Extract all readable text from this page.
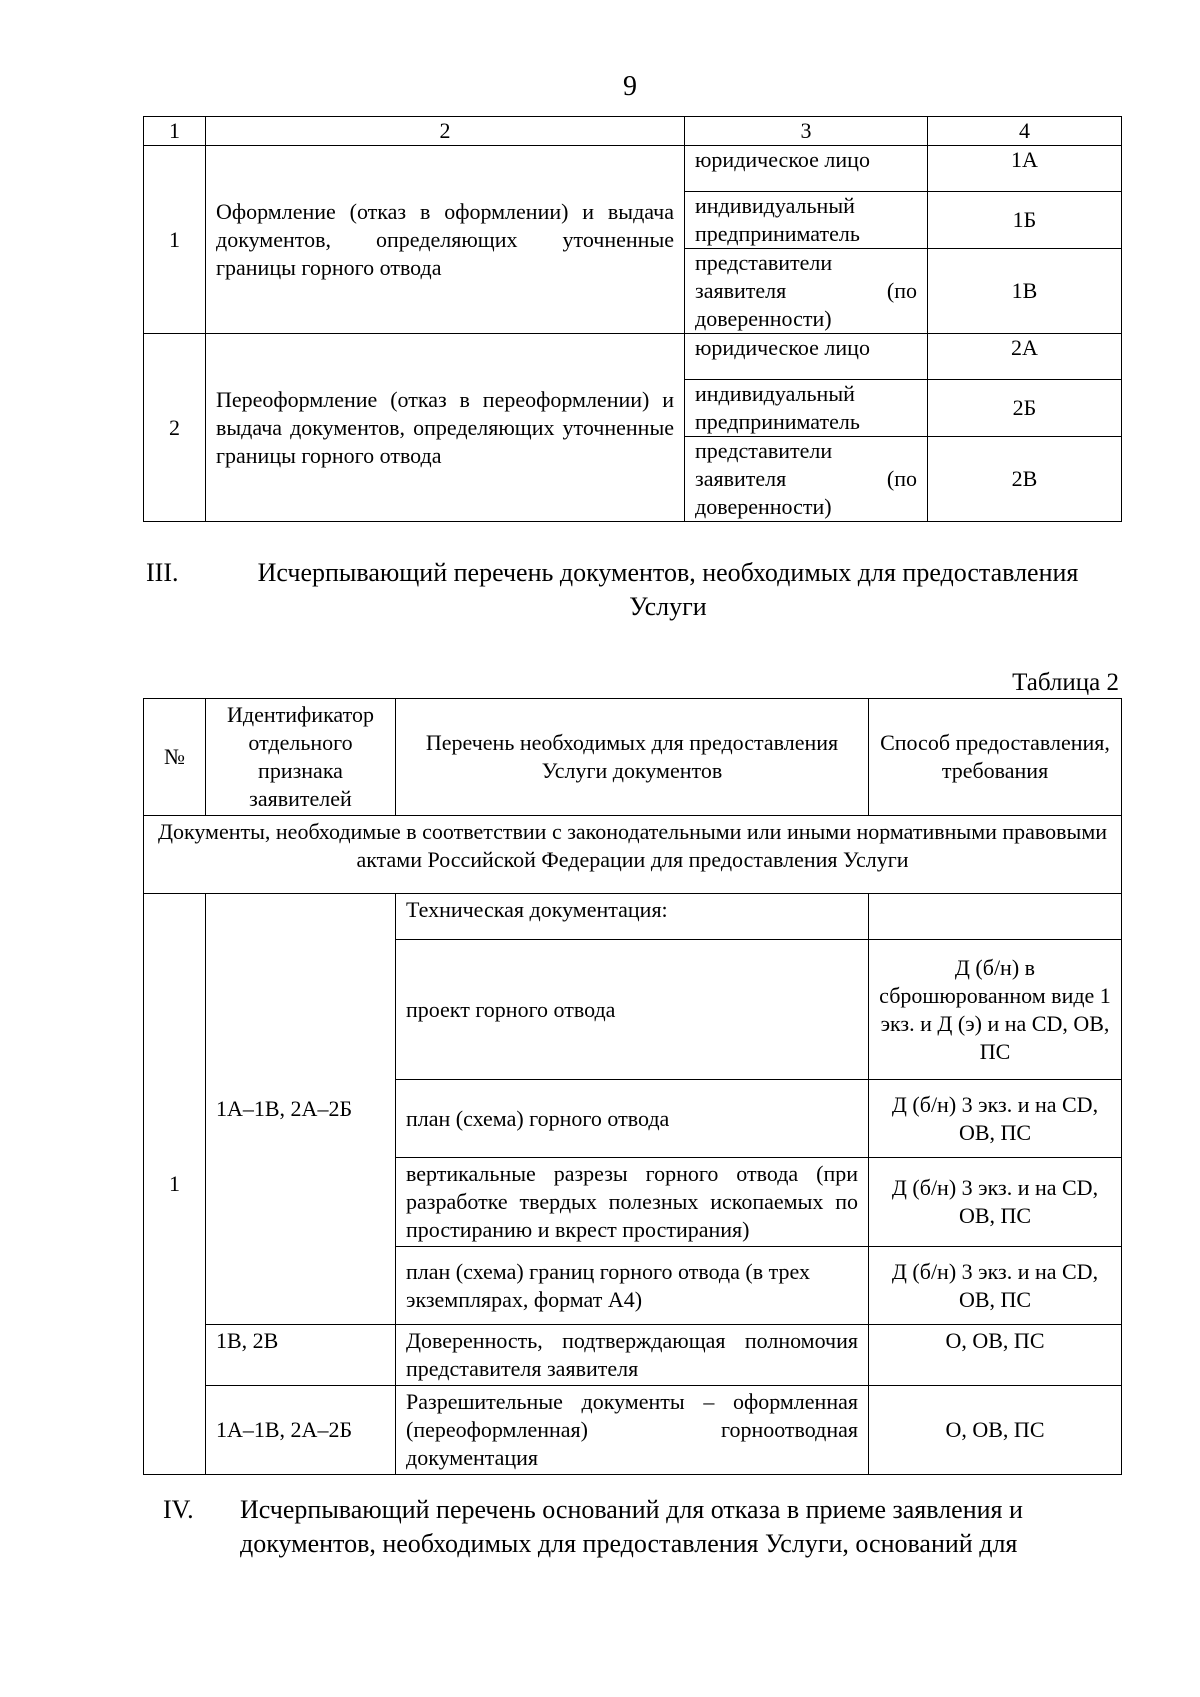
9
1	2	3	4
1	Оформление (отказ в оформлении) и выдача документов, определяющих уточненные границы горного отвода	юридическое лицо	1А
		индивидуальный предприниматель	1Б
		представители заявителя (по доверенности)	1В
2	Переоформление (отказ в переоформлении) и выдача документов, определяющих уточненные границы горного отвода	юридическое лицо	2А
		индивидуальный предприниматель	2Б
		представители заявителя (по доверенности)	2В
III.	Исчерпывающий перечень документов, необходимых для предоставления Услуги
Таблица 2
№	Идентификатор отдельного признака заявителей	Перечень необходимых для предоставления Услуги документов	Способ предоставления, требования
Документы, необходимые в соответствии с законодательными или иными нормативными правовыми актами Российской Федерации для предоставления Услуги			
1	1А–1В, 2А–2Б	Техническая документация:	
		проект горного отвода	Д (б/н) в сброшюрованном виде 1 экз. и Д (э) и на CD, ОВ, ПС
		план (схема) горного отвода	Д (б/н) 3 экз. и на CD, ОВ, ПС
		вертикальные разрезы горного отвода (при разработке твердых полезных ископаемых по простиранию и вкрест простирания)	Д (б/н) 3 экз. и на CD, ОВ, ПС
		план (схема) границ горного отвода (в трех экземплярах, формат А4)	Д (б/н) 3 экз. и на CD, ОВ, ПС
	1В, 2В	Доверенность, подтверждающая полномочия представителя заявителя	О, ОВ, ПС
	1А–1В, 2А–2Б	Разрешительные документы – оформленная (переоформленная) горноотводная документация	О, ОВ, ПС
IV. Исчерпывающий перечень оснований для отказа в приеме заявления и документов, необходимых для предоставления Услуги, оснований для
